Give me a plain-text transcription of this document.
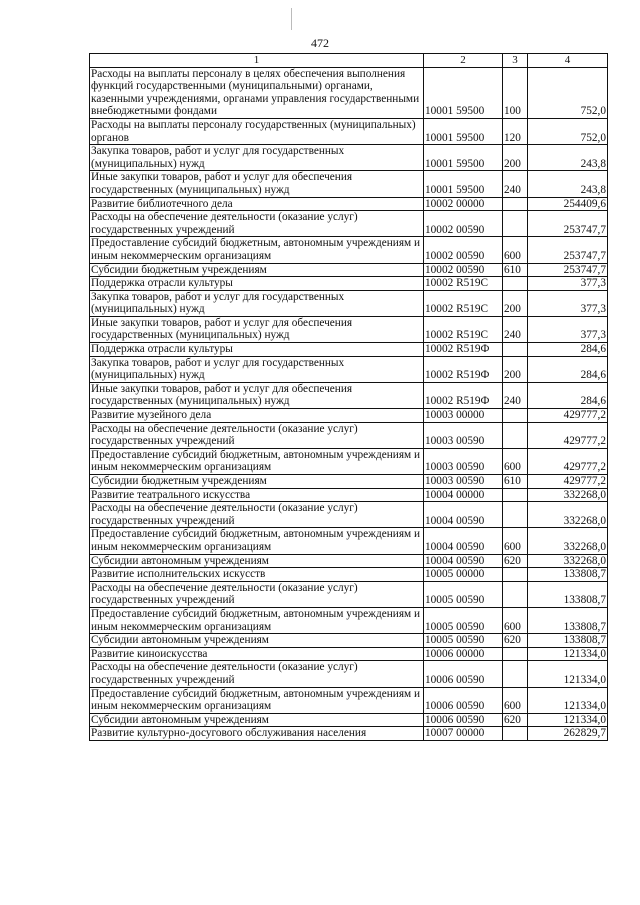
472
1	2	3	4
Расходы на выплаты персоналу в целях обеспечения выполнения функций государственными (муниципальными) органами, казенными учреждениями, органами управления государственными внебюджетными фондами	10001 59500	100	752,0
Расходы на выплаты персоналу государственных (муниципальных) органов	10001 59500	120	752,0
Закупка товаров, работ и услуг для государственных (муниципальных) нужд	10001 59500	200	243,8
Иные закупки товаров, работ и услуг для обеспечения государственных (муниципальных) нужд	10001 59500	240	243,8
Развитие библиотечного дела	10002 00000		254409,6
Расходы на обеспечение деятельности (оказание услуг) государственных учреждений	10002 00590		253747,7
Предоставление субсидий бюджетным, автономным учреждениям и иным некоммерческим организациям	10002 00590	600	253747,7
Субсидии бюджетным учреждениям	10002 00590	610	253747,7
Поддержка отрасли культуры	10002 R519C		377,3
Закупка товаров, работ и услуг для государственных (муниципальных) нужд	10002 R519C	200	377,3
Иные закупки товаров, работ и услуг для обеспечения государственных (муниципальных) нужд	10002 R519C	240	377,3
Поддержка отрасли культуры	10002 R519Ф		284,6
Закупка товаров, работ и услуг для государственных (муниципальных) нужд	10002 R519Ф	200	284,6
Иные закупки товаров, работ и услуг для обеспечения государственных (муниципальных) нужд	10002 R519Ф	240	284,6
Развитие музейного дела	10003 00000		429777,2
Расходы на обеспечение деятельности (оказание услуг) государственных учреждений	10003 00590		429777,2
Предоставление субсидий бюджетным, автономным учреждениям и иным некоммерческим организациям	10003 00590	600	429777,2
Субсидии бюджетным учреждениям	10003 00590	610	429777,2
Развитие театрального искусства	10004 00000		332268,0
Расходы на обеспечение деятельности (оказание услуг) государственных учреждений	10004 00590		332268,0
Предоставление субсидий бюджетным, автономным учреждениям и иным некоммерческим организациям	10004 00590	600	332268,0
Субсидии автономным учреждениям	10004 00590	620	332268,0
Развитие исполнительских искусств	10005 00000		133808,7
Расходы на обеспечение деятельности (оказание услуг) государственных учреждений	10005 00590		133808,7
Предоставление субсидий бюджетным, автономным учреждениям и иным некоммерческим организациям	10005 00590	600	133808,7
Субсидии автономным учреждениям	10005 00590	620	133808,7
Развитие киноискусства	10006 00000		121334,0
Расходы на обеспечение деятельности (оказание услуг) государственных учреждений	10006 00590		121334,0
Предоставление субсидий бюджетным, автономным учреждениям и иным некоммерческим организациям	10006 00590	600	121334,0
Субсидии автономным учреждениям	10006 00590	620	121334,0
Развитие культурно-досугового обслуживания населения	10007 00000		262829,7
